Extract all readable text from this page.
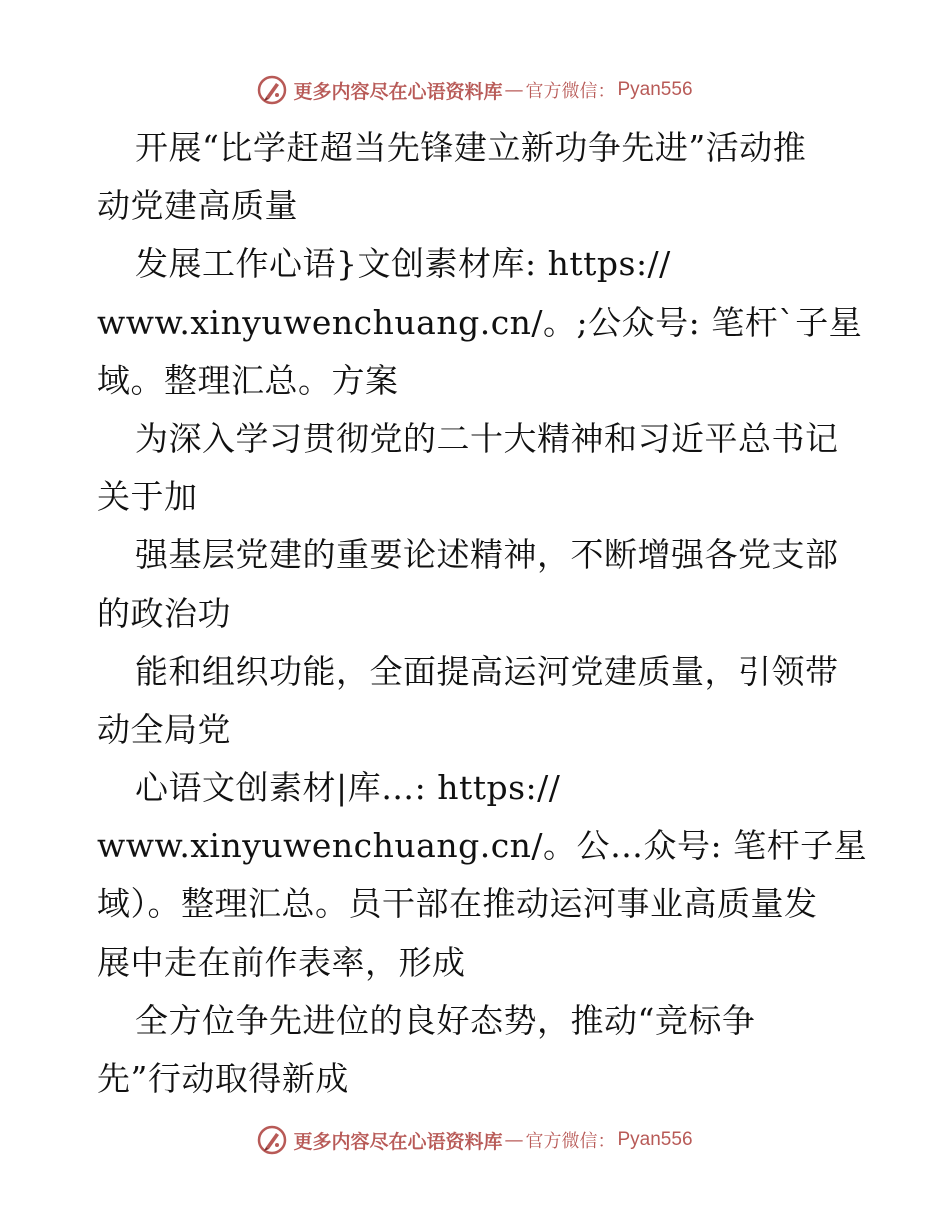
更多内容尽在心语资料库 — 官方微信： Pyan556
开展“比学赶超当先锋建立新功争先进”活动推
动党建高质量
发展工作心语}文创素材库: https://
www.xinyuwenchuang.cn/。;公众号: 笔杆`子星
域。整理汇总。方案
为深入学习贯彻党的二十大精神和习近平总书记
关于加
强基层党建的重要论述精神，不断增强各党支部
的政治功
能和组织功能，全面提高运河党建质量，引领带
动全局党
心语文创素材|库…: https://
www.xinyuwenchuang.cn/。公…众号: 笔杆子星
域）。整理汇总。员干部在推动运河事业高质量发
展中走在前作表率，形成
全方位争先进位的良好态势，推动“竞标争
先”行动取得新成
更多内容尽在心语资料库 — 官方微信： Pyan556
